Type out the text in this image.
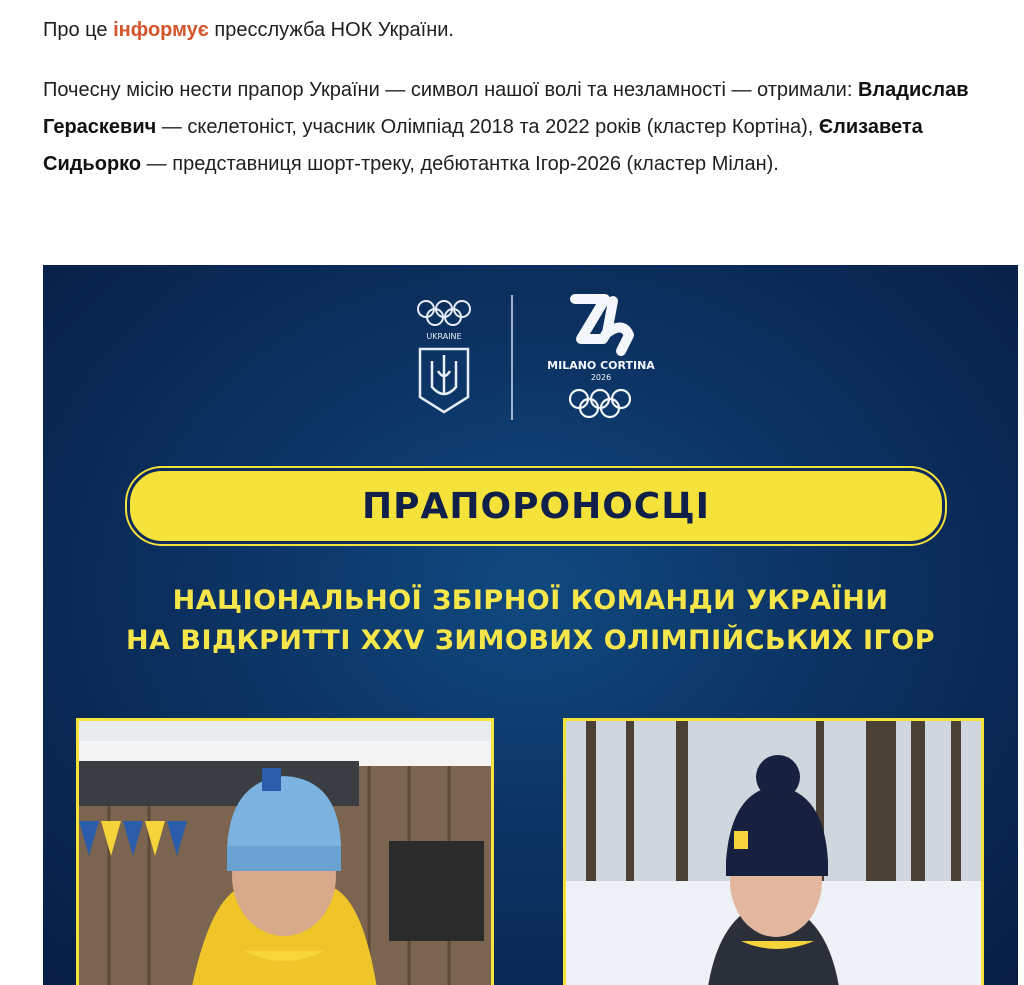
Про це інформує пресслужба НОК України.
Почесну місію нести прапор України — символ нашої волі та незламності — отримали: Владислав Гераскевич — скелетоніст, учасник Олімпіад 2018 та 2022 років (кластер Кортіна), Єлизавета Сидьорко — представниця шорт-треку, дебютантка Ігор-2026 (кластер Мілан).
UKRAINE
MILANO CORTINA
2026
ПРАПОРОНОСЦІ
НАЦІОНАЛЬНОЇ ЗБІРНОЇ КОМАНДИ УКРАЇНИ
НА ВІДКРИТТІ XXV ЗИМОВИХ ОЛІМПІЙСЬКИХ ІГОР
